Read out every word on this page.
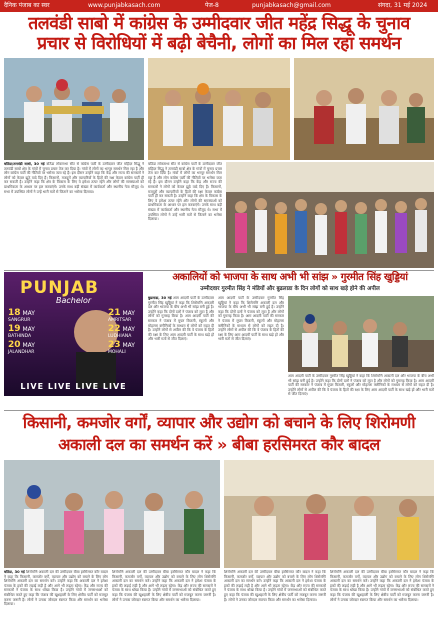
दैनिक पंजाब का स्वर	www.punjabkasach.com	पेज-8	punjabkasach@gmail.com	संगदा, 31 मई 2024
तलवंडी साबो में कांग्रेस के उम्मीदवार जीत महेंद्र सिद्धू के चुनाव
प्रचार से विरोधियों में बढ़ी बेचैनी, लोगों का मिल रहा समर्थन
बठिंडा/तलवंडी साबो, 30 मई बठिंडा लोकसभा सीट से कांग्रेस पार्टी के उम्मीदवार जीत महिंदर सिद्धू ने तलवंडी साबो क्षेत्र के गांवों में चुनाव प्रचार तेज कर दिया है। गांवों में लोगों का भरपूर समर्थन मिल रहा है और लोग कांग्रेस पार्टी की नीतियों पर भरोसा जता रहे हैं। इस दौरान उन्होंने कहा कि केंद्र और राज्य की सरकारों ने लोगों को केवल झूठे वादे दिए हैं। किसानों, मजदूरों और व्यापारियों के हितों की रक्षा केवल कांग्रेस पार्टी ही कर सकती है। उन्होंने कहा कि क्षेत्र के विकास के लिए वे हमेशा तत्पर रहेंगे और लोगों की समस्याओं को प्राथमिकता के आधार पर हल करवाएंगे। उनके साथ बड़ी संख्या में कार्यकर्ता और स्थानीय नेता मौजूद थे। सभा में उपस्थित लोगों ने उन्हें भारी मतों से जिताने का भरोसा दिलाया।
बठिंडा लोकसभा सीट से कांग्रेस पार्टी के उम्मीदवार जीत महिंदर सिद्धू ने तलवंडी साबो क्षेत्र के गांवों में चुनाव प्रचार तेज कर दिया है। गांवों में लोगों का भरपूर समर्थन मिल रहा है और लोग कांग्रेस पार्टी की नीतियों पर भरोसा जता रहे हैं। इस दौरान उन्होंने कहा कि केंद्र और राज्य की सरकारों ने लोगों को केवल झूठे वादे दिए हैं। किसानों, मजदूरों और व्यापारियों के हितों की रक्षा केवल कांग्रेस पार्टी ही कर सकती है। उन्होंने कहा कि क्षेत्र के विकास के लिए वे हमेशा तत्पर रहेंगे और लोगों की समस्याओं को प्राथमिकता के आधार पर हल करवाएंगे। उनके साथ बड़ी संख्या में कार्यकर्ता और स्थानीय नेता मौजूद थे। सभा में उपस्थित लोगों ने उन्हें भारी मतों से जिताने का भरोसा दिलाया।
PUNJAB
Bachelor
18 MAY
SANGRUR
19 MAY
BATHINDA
20 MAY
JALANDHAR
21 MAY
AMRITSAR
22 MAY
LUDHIANA
23 MAY
MOHALI
LIVE LIVE LIVE LIVE
अकालियों को भाजपा के साथ अभी भी सांझ » गुरमीत सिंह खुड्डियां
उम्मीदवार गुरमीत सिंह ने मंडियों और बुढलाडा के दिन लोगों को साथ खड़े होने की अपील
बुढलाडा, 30 मई आम आदमी पार्टी के उम्मीदवार गुरमीत सिंह खुड्डियां ने कहा कि शिरोमणि अकाली दल और भाजपा के बीच अभी भी सांझ बनी हुई है। उन्होंने कहा कि दोनों दलों ने पंजाब को लूटा है और लोगों को गुमराह किया है। आम आदमी पार्टी की सरकार ने पंजाब में मुफ्त बिजली, स्कूलों और मोहल्ला क्लीनिकों के माध्यम से लोगों को राहत दी है। उन्होंने लोगों से अपील की कि वे पंजाब के हितों की रक्षा के लिए आम आदमी पार्टी के साथ खड़े हों और भारी मतों से जीत दिलाएं।
आम आदमी पार्टी के उम्मीदवार गुरमीत सिंह खुड्डियां ने कहा कि शिरोमणि अकाली दल और भाजपा के बीच अभी भी सांझ बनी हुई है। उन्होंने कहा कि दोनों दलों ने पंजाब को लूटा है और लोगों को गुमराह किया है। आम आदमी पार्टी की सरकार ने पंजाब में मुफ्त बिजली, स्कूलों और मोहल्ला क्लीनिकों के माध्यम से लोगों को राहत दी है। उन्होंने लोगों से अपील की कि वे पंजाब के हितों की रक्षा के लिए आम आदमी पार्टी के साथ खड़े हों और भारी मतों से जीत दिलाएं।
आम आदमी पार्टी के उम्मीदवार गुरमीत सिंह खुड्डियां ने कहा कि शिरोमणि अकाली दल और भाजपा के बीच अभी भी सांझ बनी हुई है। उन्होंने कहा कि दोनों दलों ने पंजाब को लूटा है और लोगों को गुमराह किया है। आम आदमी पार्टी की सरकार ने पंजाब में मुफ्त बिजली, स्कूलों और मोहल्ला क्लीनिकों के माध्यम से लोगों को राहत दी है। उन्होंने लोगों से अपील की कि वे पंजाब के हितों की रक्षा के लिए आम आदमी पार्टी के साथ खड़े हों और भारी मतों से जीत दिलाएं।
किसानी, कमजोर वर्गों, व्यापार और उद्योग को बचाने के लिए शिरोमणी
अकाली दल का समर्थन करें » बीबा हरसिमरत कौर बादल
बठिंडा, 30 मई शिरोमणि अकाली दल की उम्मीदवार बीबा हरसिमरत कौर बादल ने कहा कि किसानी, कमजोर वर्गों, व्यापार और उद्योग को बचाने के लिए लोग शिरोमणि अकाली दल का समर्थन करें। उन्होंने कहा कि अकाली दल ने हमेशा पंजाब के हकों की लड़ाई लड़ी है और आगे भी लड़ता रहेगा। केंद्र और राज्य की सरकारों ने पंजाब के साथ धोखा किया है। उन्होंने गांवों में जनसभाओं को संबोधित करते हुए कहा कि पंजाब की खुशहाली के लिए क्षेत्रीय पार्टी को मजबूत करना जरूरी है। लोगों ने उनका जोरदार स्वागत किया और समर्थन का भरोसा दिलाया।
शिरोमणि अकाली दल की उम्मीदवार बीबा हरसिमरत कौर बादल ने कहा कि किसानी, कमजोर वर्गों, व्यापार और उद्योग को बचाने के लिए लोग शिरोमणि अकाली दल का समर्थन करें। उन्होंने कहा कि अकाली दल ने हमेशा पंजाब के हकों की लड़ाई लड़ी है और आगे भी लड़ता रहेगा। केंद्र और राज्य की सरकारों ने पंजाब के साथ धोखा किया है। उन्होंने गांवों में जनसभाओं को संबोधित करते हुए कहा कि पंजाब की खुशहाली के लिए क्षेत्रीय पार्टी को मजबूत करना जरूरी है। लोगों ने उनका जोरदार स्वागत किया और समर्थन का भरोसा दिलाया।
शिरोमणि अकाली दल की उम्मीदवार बीबा हरसिमरत कौर बादल ने कहा कि किसानी, कमजोर वर्गों, व्यापार और उद्योग को बचाने के लिए लोग शिरोमणि अकाली दल का समर्थन करें। उन्होंने कहा कि अकाली दल ने हमेशा पंजाब के हकों की लड़ाई लड़ी है और आगे भी लड़ता रहेगा। केंद्र और राज्य की सरकारों ने पंजाब के साथ धोखा किया है। उन्होंने गांवों में जनसभाओं को संबोधित करते हुए कहा कि पंजाब की खुशहाली के लिए क्षेत्रीय पार्टी को मजबूत करना जरूरी है। लोगों ने उनका जोरदार स्वागत किया और समर्थन का भरोसा दिलाया।
शिरोमणि अकाली दल की उम्मीदवार बीबा हरसिमरत कौर बादल ने कहा कि किसानी, कमजोर वर्गों, व्यापार और उद्योग को बचाने के लिए लोग शिरोमणि अकाली दल का समर्थन करें। उन्होंने कहा कि अकाली दल ने हमेशा पंजाब के हकों की लड़ाई लड़ी है और आगे भी लड़ता रहेगा। केंद्र और राज्य की सरकारों ने पंजाब के साथ धोखा किया है। उन्होंने गांवों में जनसभाओं को संबोधित करते हुए कहा कि पंजाब की खुशहाली के लिए क्षेत्रीय पार्टी को मजबूत करना जरूरी है। लोगों ने उनका जोरदार स्वागत किया और समर्थन का भरोसा दिलाया।
